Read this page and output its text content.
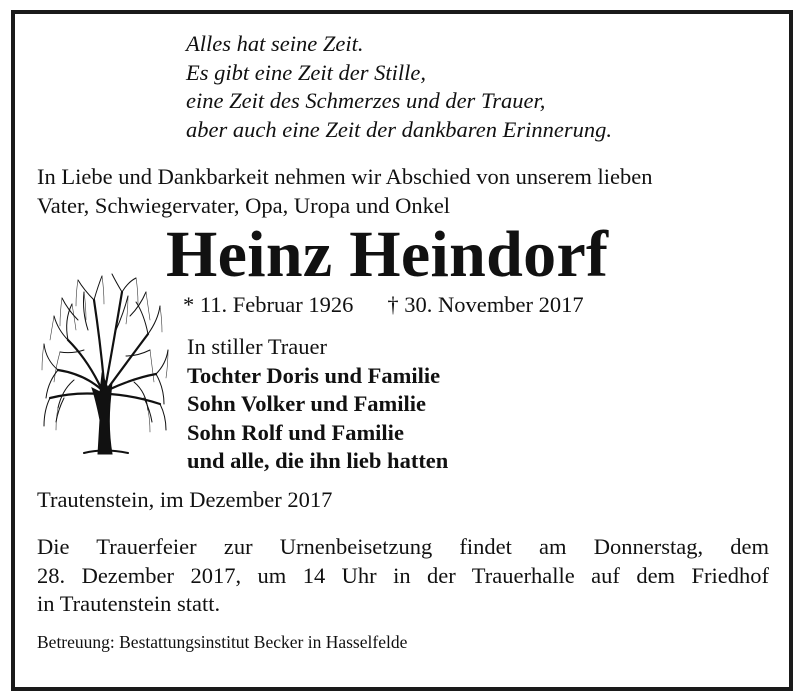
Alles hat seine Zeit.
Es gibt eine Zeit der Stille,
eine Zeit des Schmerzes und der Trauer,
aber auch eine Zeit der dankbaren Erinnerung.
In Liebe und Dankbarkeit nehmen wir Abschied von unserem lieben
Vater, Schwiegervater, Opa, Uropa und Onkel
Heinz Heindorf
* 11. Februar 1926 † 30. November 2017
In stiller Trauer
Tochter Doris und Familie
Sohn Volker und Familie
Sohn Rolf und Familie
und alle, die ihn lieb hatten
Trautenstein, im Dezember 2017
Die Trauerfeier zur Urnenbeisetzung findet am Donnerstag, dem
28. Dezember 2017, um 14 Uhr in der Trauerhalle auf dem Friedhof
in Trautenstein statt.
Betreuung: Bestattungsinstitut Becker in Hasselfelde
